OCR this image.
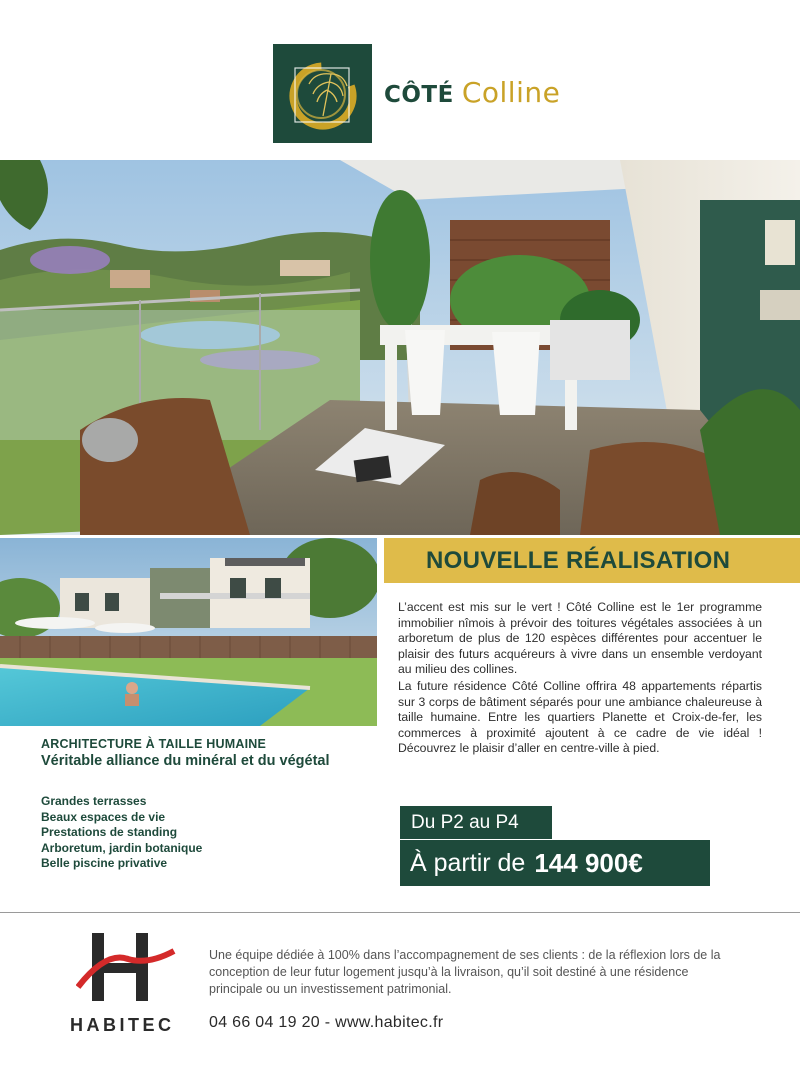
CÔTÉ Colline
ARCHITECTURE À TAILLE HUMAINE
Véritable alliance du minéral et du végétal
Grandes terrasses
Beaux espaces de vie
Prestations de standing
Arboretum, jardin botanique
Belle piscine privative
NOUVELLE RÉALISATION

L’accent est mis sur le vert ! Côté Colline est le 1er programme immobilier nîmois à prévoir des toitures végétales associées à un arboretum de plus de 120 espèces différentes pour accentuer le plaisir des futurs acquéreurs à vivre dans un ensemble verdoyant au milieu des collines.

La future résidence Côté Colline offrira 48 appartements répartis sur 3 corps de bâtiment séparés pour une ambiance chaleureuse à taille humaine. Entre les quartiers Planette et Croix-de-fer, les commerces à proximité ajoutent à ce cadre de vie idéal ! Découvrez le plaisir d’aller en centre-ville à pied.

Du P2 au P4
À partir de 144 900€
HABITEC
Une équipe dédiée à 100% dans l’accompagnement de ses clients : de la réflexion lors de la conception de leur futur logement jusqu’à la livraison, qu’il soit destiné à une résidence principale ou un investissement patrimonial.
04 66 04 19 20 - www.habitec.fr
